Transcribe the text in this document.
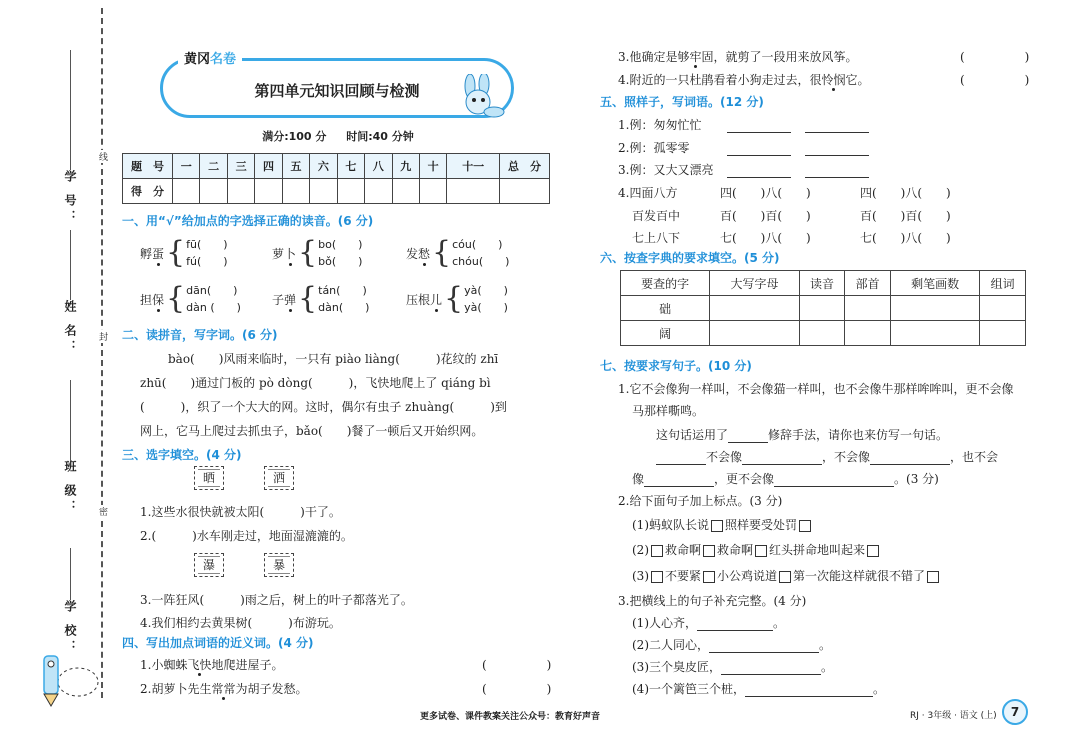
学 号：
姓 名：
班 级：
学 校：
线
封
密
黄冈名卷
第四单元知识回顾与检测
满分:100 分 时间:40 分钟
题　号	一	二	三	四	五	六	七	八	九	十	十一	总　分
得　分												
一、用“√”给加点的字选择正确的读音。(6 分)
孵 蛋 { fū(　　)
fú(　　)
萝 卜 { bo(　　)
bǒ(　　)
发 愁 { cóu(　　)
chóu(　　)
担 保 { dān(　　)
dàn (　　)
子 弹 { tán(　　)
dàn(　　)
压根 儿 { yà(　　)
yà(　　)
二、读拼音，写字词。(6 分)
bào(　　)风雨来临时，一只有 piào liàng(　　　)花纹的 zhī
zhū(　　)通过门板的 pò dòng(　　　)，飞快地爬上了 qiáng bì
(　　　)，织了一个大大的网。这时，偶尔有虫子 zhuàng(　　　)到
网上，它马上爬过去抓虫子，bǎo(　　)餐了一顿后又开始织网。
三、选字填空。(4 分)
晒	洒
1.这些水很快就被太阳(　　　)干了。
2.(　　　)水车刚走过，地面湿漉漉的。
瀑	暴
3.一阵狂风(　　　)雨之后，树上的叶子都落光了。
4.我们相约去黄果树(　　　)布游玩。
四、写出加点词语的近义词。(4 分)
1.小蜘蛛飞快地爬进屋子。	(　　　　　)
2.胡萝卜先生常常为胡子发愁。	(　　　　　)
3.他确定是够牢固，就剪了一段用来放风筝。	(　　　　　)
4.附近的一只杜鹃看着小狗走过去，很怜悯它。	(　　　　　)
五、照样子，写词语。(12 分)
1.例：匆匆忙忙
2.例：孤零零
3.例：又大又漂亮
4.四面八方	四(　　)八(　　)	四(　　)八(　　)
百发百中	百(　　)百(　　)	百(　　)百(　　)
七上八下	七(　　)八(　　)	七(　　)八(　　)
六、按查字典的要求填空。(5 分)
要查的字	大写字母	读音	部首	剩笔画数	组词
础					
阔					
七、按要求写句子。(10 分)
1.它不会像狗一样叫，不会像猫一样叫，也不会像牛那样哞哞叫，更不会像
马那样嘶鸣。
这句话运用了	修辞手法，请你也来仿写一句话。
不会像	，不会像	，也不会
像	，更不会像	。(3 分)
2.给下面句子加上标点。(3 分)
(1)蚂蚁队长说 照样要受处罚
(2) 救命啊 救命啊 红头拼命地叫起来
(3) 不要紧 小公鸡说道 第一次能这样就很不错了
3.把横线上的句子补充完整。(4 分)
(1)人心齐，	。
(2)二人同心，	。
(3)三个臭皮匠，	。
(4)一个篱笆三个桩，	。
更多试卷、课件教案关注公众号：教育好声音	RJ · 3年级 · 语文 (上)	7
